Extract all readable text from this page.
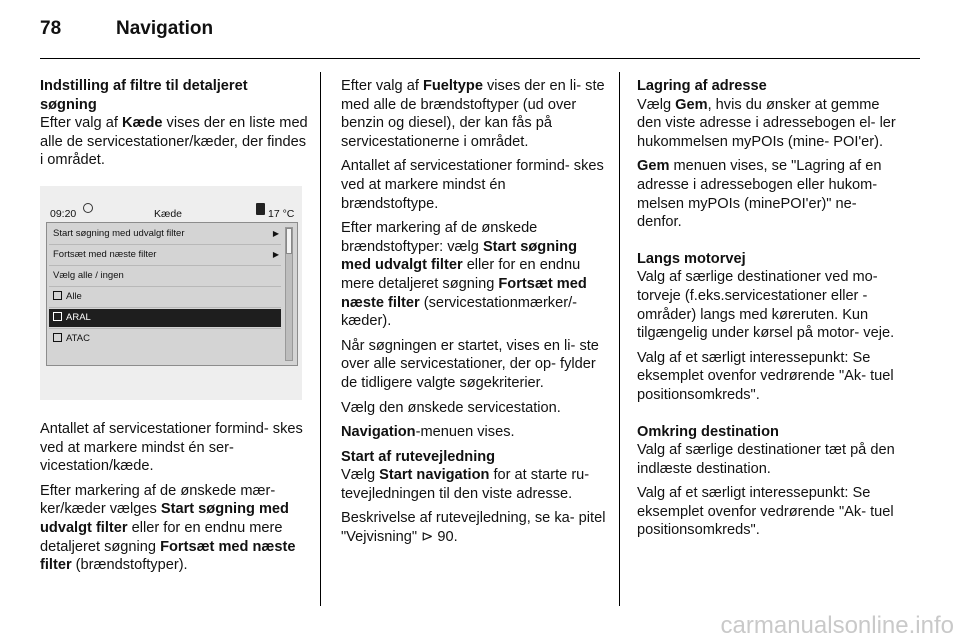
78	Navigation

Indstilling af filtre til detaljeret søgning

Efter valg af Kæde vises der en liste med alle de servicestationer/kæder, der findes i området.

09:20	Kæde	17 °C
Start søgning med udvalgt filter	▶
Fortsæt med næste filter	▶
Vælg alle / ingen
Alle
ARAL
ATAC

Antallet af servicestationer formind- skes ved at markere mindst én ser- vicestation/kæde.

Efter markering af de ønskede mær- ker/kæder vælges Start søgning med udvalgt filter eller for en endnu mere detaljeret søgning Fortsæt med næste filter (brændstoftyper).

Efter valg af Fueltype vises der en li- ste med alle de brændstoftyper (ud over benzin og diesel), der kan fås på servicestationerne i området.

Antallet af servicestationer formind- skes ved at markere mindst én brændstoftype.

Efter markering af de ønskede brændstoftyper: vælg Start søgning med udvalgt filter eller for en endnu mere detaljeret søgning Fortsæt med næste filter (servicestationmærker/- kæder).

Når søgningen er startet, vises en li- ste over alle servicestationer, der op- fylder de tidligere valgte søgekriterier.

Vælg den ønskede servicestation.

Navigation-menuen vises.

Start af rutevejledning

Vælg Start navigation for at starte ru- tevejledningen til den viste adresse.

Beskrivelse af rutevejledning, se ka- pitel "Vejvisning" ⊳ 90.

Lagring af adresse

Vælg Gem, hvis du ønsker at gemme den viste adresse i adressebogen el- ler hukommelsen myPOIs (mine- POI'er).

Gem menuen vises, se "Lagring af en adresse i adressebogen eller hukom- melsen myPOIs (minePOI'er)" ne- denfor.

Langs motorvej

Valg af særlige destinationer ved mo- torveje (f.eks.servicestationer eller - områder) langs med køreruten. Kun tilgængelig under kørsel på motor- veje.

Valg af et særligt interessepunkt: Se eksemplet ovenfor vedrørende "Ak- tuel positionsomkreds".

Omkring destination

Valg af særlige destinationer tæt på den indlæste destination.

Valg af et særligt interessepunkt: Se eksemplet ovenfor vedrørende "Ak- tuel positionsomkreds".

carmanualsonline.info
